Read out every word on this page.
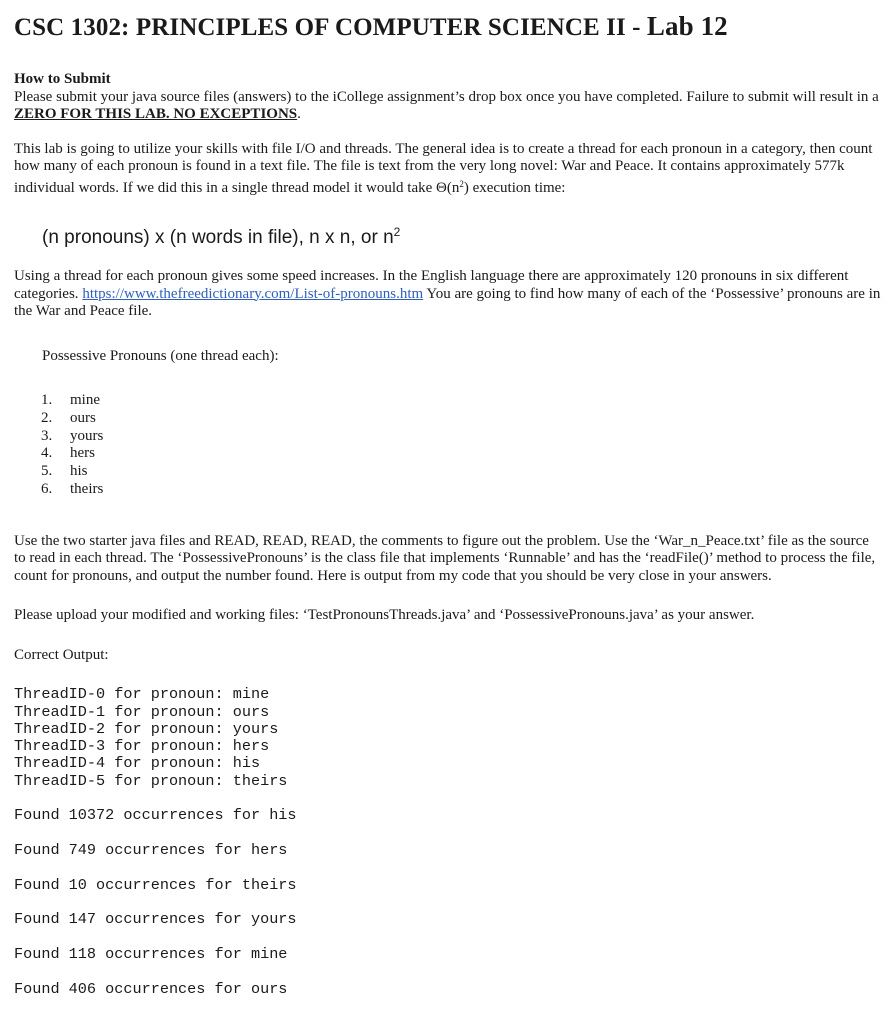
CSC 1302: PRINCIPLES OF COMPUTER SCIENCE II - Lab 12
How to Submit

Please submit your java source files (answers) to the iCollege assignment’s drop box once you have completed. Failure to submit will result in a ZERO FOR THIS LAB. NO EXCEPTIONS.

This lab is going to utilize your skills with file I/O and threads. The general idea is to create a thread for each pronoun in a category, then count how many of each pronoun is found in a text file. The file is text from the very long novel: War and Peace. It contains approximately 577k individual words. If we did this in a single thread model it would take $\Theta(n^2)$ execution time:

(n pronouns) x (n words in file), n x n, or $n^2$

Using a thread for each pronoun gives some speed increases. In the English language there are approximately 120 pronouns in six different categories. https://www.thefreedictionary.com/List-of-pronouns.htm You are going to find how many of each of the ‘Possessive’ pronouns are in the War and Peace file.

Possessive Pronouns (one thread each):
1. mine
2. ours
3. yours
4. hers
5. his
6. theirs

Use the two starter java files and READ, READ, READ, the comments to figure out the problem. Use the ‘War_n_Peace.txt’ file as the source to read in each thread. The ‘PossessivePronouns’ is the class file that implements ‘Runnable’ and has the ‘readFile()’ method to process the file, count for pronouns, and output the number found. Here is output from my code that you should be very close in your answers.

Please upload your modified and working files: ‘TestPronounsThreads.java’ and ‘PossessivePronouns.java’ as your answer.

Correct Output:

ThreadID-0 for pronoun: mine
ThreadID-1 for pronoun: ours
ThreadID-2 for pronoun: yours
ThreadID-3 for pronoun: hers
ThreadID-4 for pronoun: his
ThreadID-5 for pronoun: theirs
Found 10372 occurrences for his
Found 749 occurrences for hers
Found 10 occurrences for theirs
Found 147 occurrences for yours
Found 118 occurrences for mine
Found 406 occurrences for ours
